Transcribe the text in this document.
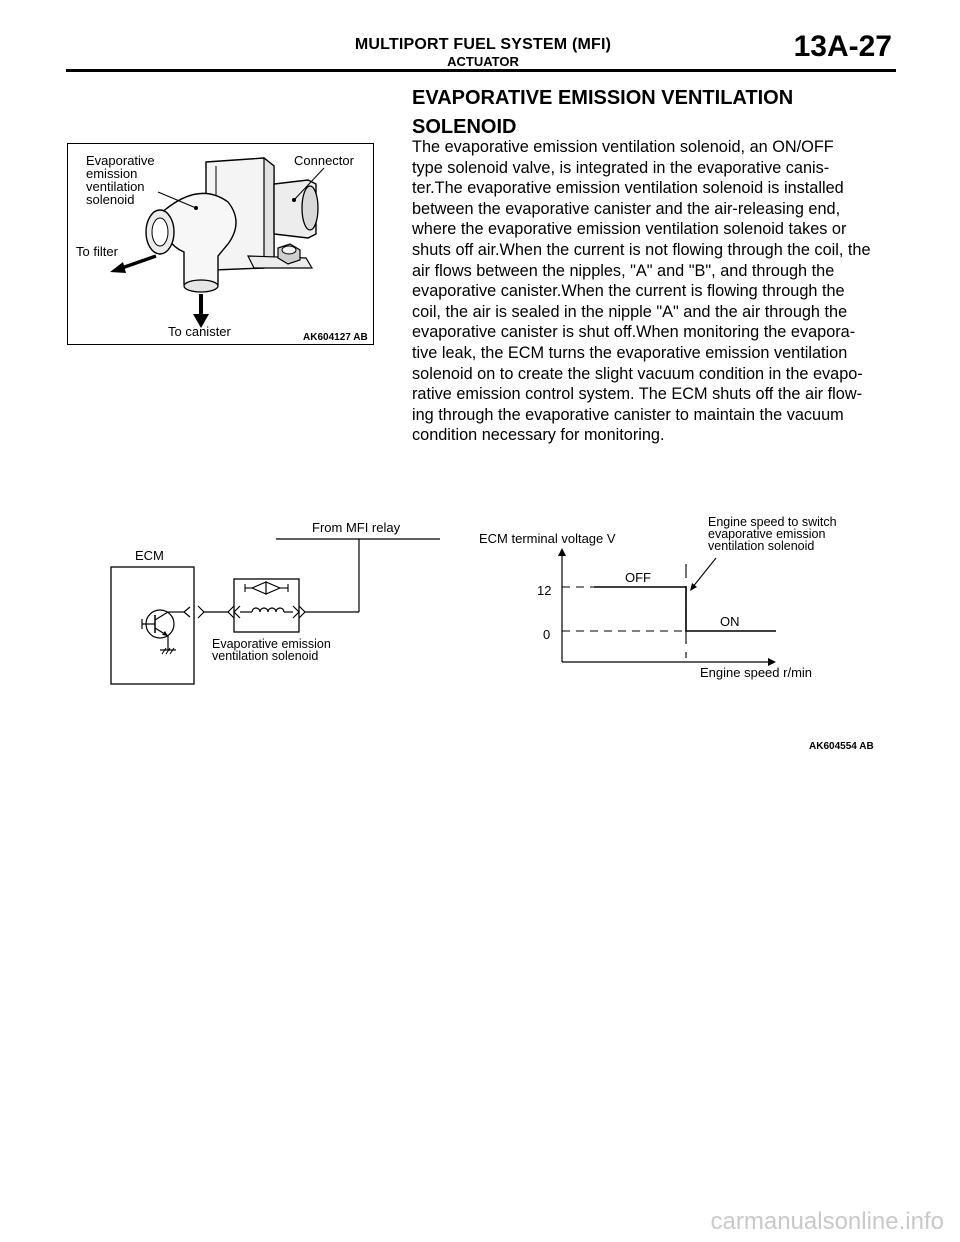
MULTIPORT FUEL SYSTEM (MFI)
ACTUATOR	13A-27
EVAPORATIVE EMISSION VENTILATION SOLENOID

The evaporative emission ventilation solenoid, an ON/OFF
type solenoid valve, is integrated in the evaporative canis-
ter.The evaporative emission ventilation solenoid is installed
between the evaporative canister and the air-releasing end,
where the evaporative emission ventilation solenoid takes or
shuts off air.When the current is not flowing through the coil, the
air flows between the nipples, "A" and "B", and through the
evaporative canister.When the current is flowing through the
coil, the air is sealed in the nipple "A" and the air through the
evaporative canister is shut off.When monitoring the evapora-
tive leak, the ECM turns the evaporative emission ventilation
solenoid on to create the slight vacuum condition in the evapo-
rative emission control system. The ECM shuts off the air flow-
ing through the evaporative canister to maintain the vacuum
condition necessary for monitoring.

Evaporative
emission
ventilation
solenoid
Connector
To filter
To canister	AK604127 AB
ECM
From MFI relay
Evaporative emission
ventilation solenoid
ECM terminal voltage V
12
0
OFF
ON
Engine speed to switch
evaporative emission
ventilation solenoid
Engine speed r/min
AK604554 AB
carmanualsonline.info
